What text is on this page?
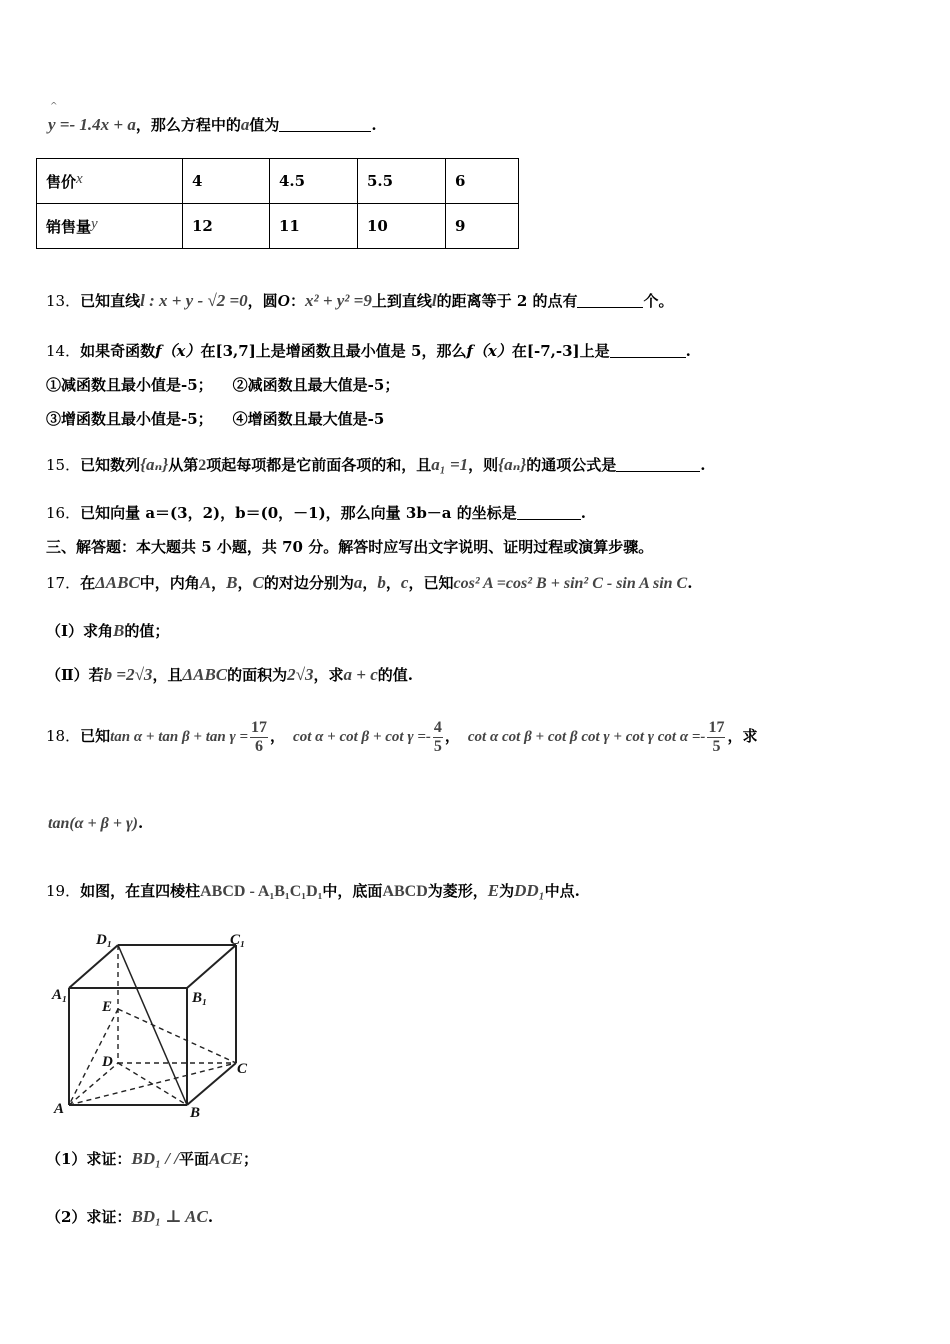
^
y =- 1.4x + a，那么方程中的a值为	.
售价x	4	4.5	5.5	6
销售量y	12	11	10	9
13．已知直线l : x + y - √2 =0，圆O：x² + y² =9上到直线l的距离等于 2 的点有	个。
14．如果奇函数f（x）在[3,7]上是增函数且最小值是 5，那么f（x）在[-7,-3]上是	.
①减函数且最小值是-5； ②减函数且最大值是-5；
③增函数且最小值是-5； ④增函数且最大值是-5
15．已知数列{aₙ}从第2项起每项都是它前面各项的和，且a₁ =1，则{aₙ}的通项公式是	.
16．已知向量 a＝(3，2)，b＝(0，－1)，那么向量 3b－a 的坐标是	.
三、解答题：本大题共 5 小题，共 70 分。解答时应写出文字说明、证明过程或演算步骤。
17．在ΔABC中，内角A，B，C的对边分别为a，b，c，已知cos² A =cos² B + sin² C - sin A sin C.
（Ⅰ）求角B的值；
（Ⅱ）若b =2√3，且ΔABC的面积为2√3，求a + c的值.
18．已知$\tan \alpha + \tan \beta + \tan \gamma = \frac{17}{6}$ ， $\cot \alpha + \cot \beta + \cot \gamma =- \frac{4}{5}$ ， cot α cot β + cot β cot γ + cot γ $\cot \alpha =- \frac{17}{5}$ ，求
tan(α + β + γ).
19．如图，在直四棱柱ABCD - A₁B₁C₁D₁中，底面ABCD为菱形，E为DD₁中点.
D₁	C₁
A₁	B₁
E
D	C
A	B
（1）求证：BD₁ / /平面ACE；
（2）求证：BD₁ ⊥ AC.
